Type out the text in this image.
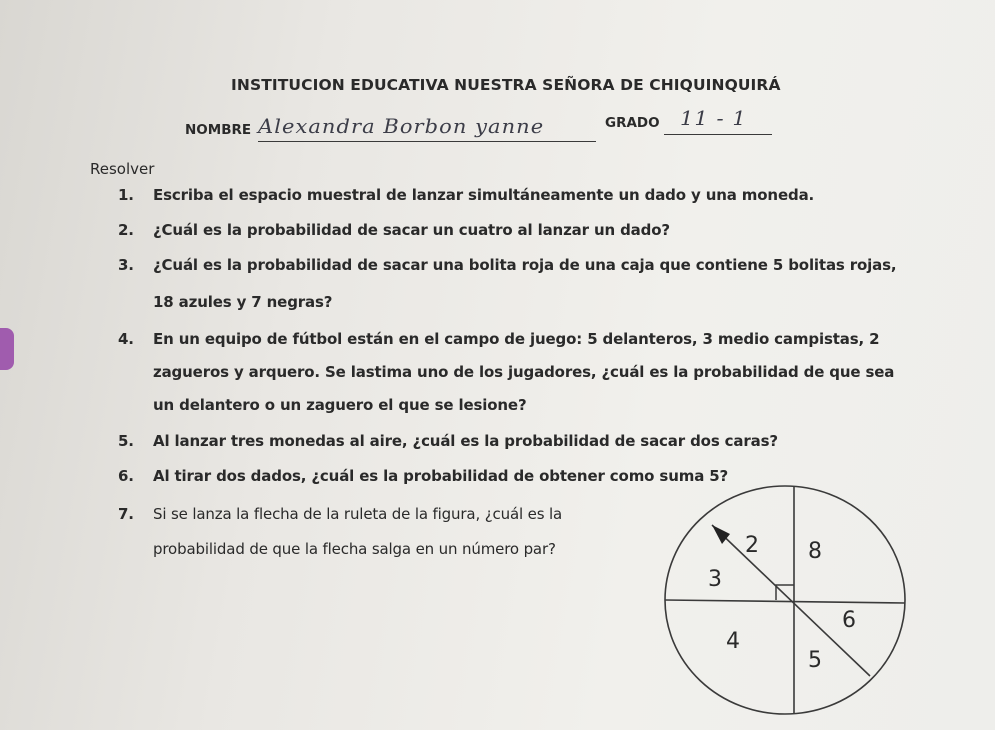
INSTITUCION EDUCATIVA NUESTRA SEÑORA DE CHIQUINQUIRÁ
NOMBRE Alexandra Borbon yanne	GRADO 11 - 1
Resolver
1. Escriba el espacio muestral de lanzar simultáneamente un dado y una moneda.
2. ¿Cuál es la probabilidad de sacar un cuatro al lanzar un dado?
3. ¿Cuál es la probabilidad de sacar una bolita roja de una caja que contiene 5 bolitas rojas,
18 azules y 7 negras?
4. En un equipo de fútbol están en el campo de juego: 5 delanteros, 3 medio campistas, 2
zagueros y arquero. Se lastima uno de los jugadores, ¿cuál es la probabilidad de que sea
un delantero o un zaguero el que se lesione?
5. Al lanzar tres monedas al aire, ¿cuál es la probabilidad de sacar dos caras?
6. Al tirar dos dados, ¿cuál es la probabilidad de obtener como suma 5?
7. Si se lanza la flecha de la ruleta de la figura, ¿cuál es la
probabilidad de que la flecha salga en un número par?	2 8
3
6
4
5
